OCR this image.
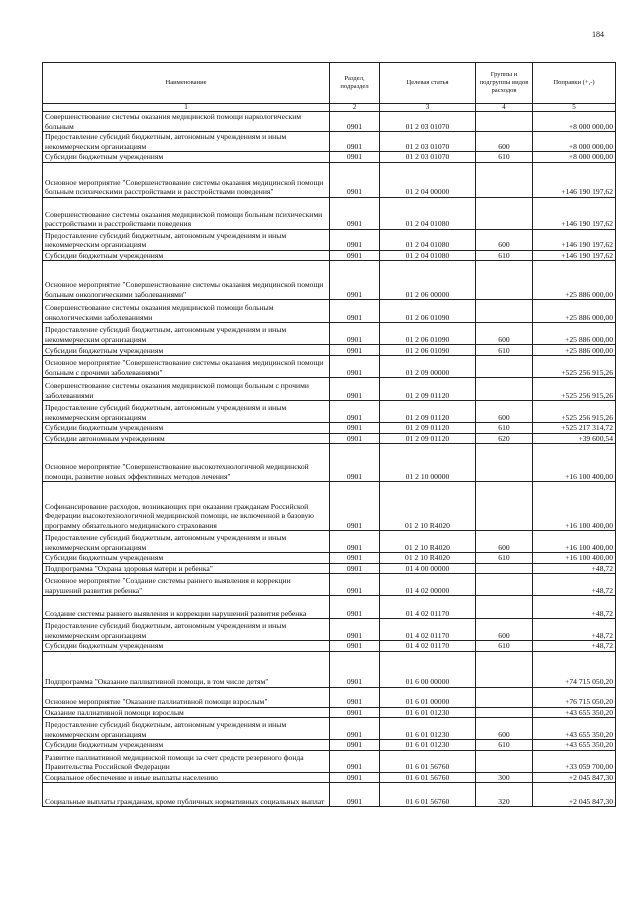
184
Наименование	Раздел, подраздел	Целевая статья	Группы и подгруппы видов расходов	Поправки (+,-)
1	2	3	4	5
Совершенствование системы оказания медицинской помощи наркологическим больным	0901	01 2 03 01070		+8 000 000,00
Предоставление субсидий бюджетным, автономным учреждениям и иным некоммерческим организациям	0901	01 2 03 01070	600	+8 000 000,00
Субсидии бюджетным учреждениям	0901	01 2 03 01070	610	+8 000 000,00
Основное мероприятие "Совершенствование системы оказания медицинской помощи больным психическими расстройствами и расстройствами поведения"	0901	01 2 04 00000		+146 190 197,62
Совершенствование системы оказания медицинской помощи больным психическими расстройствами и расстройствами поведения	0901	01 2 04 01080		+146 190 197,62
Предоставление субсидий бюджетным, автономным учреждениям и иным некоммерческим организациям	0901	01 2 04 01080	600	+146 190 197,62
Субсидии бюджетным учреждениям	0901	01 2 04 01080	610	+146 190 197,62
Основное мероприятие "Совершенствование системы оказания медицинской помощи больным онкологическими заболеваниями"	0901	01 2 06 00000		+25 886 000,00
Совершенствование системы оказания медицинской помощи больным онкологическими заболеваниями	0901	01 2 06 01090		+25 886 000,00
Предоставление субсидий бюджетным, автономным учреждениям и иным некоммерческим организациям	0901	01 2 06 01090	600	+25 886 000,00
Субсидии бюджетным учреждениям	0901	01 2 06 01090	610	+25 886 000,00
Основное мероприятие "Совершенствование системы оказания медицинской помощи больным с прочими заболеваниями"	0901	01 2 09 00000		+525 256 915,26
Совершенствование системы оказания медицинской помощи больным с прочими заболеваниями	0901	01 2 09 01120		+525 256 915,26
Предоставление субсидий бюджетным, автономным учреждениям и иным некоммерческим организациям	0901	01 2 09 01120	600	+525 256 915,26
Субсидии бюджетным учреждениям	0901	01 2 09 01120	610	+525 217 314,72
Субсидии автономным учреждениям	0901	01 2 09 01120	620	+39 600,54
Основное мероприятие "Совершенствование высокотехнологичной медицинской помощи, развитие новых эффективных методов лечения"	0901	01 2 10 00000		+16 100 400,00
Софинансирование расходов, возникающих при оказании гражданам Российской Федерации высокотехнологичной медицинской помощи, не включенной в базовую программу обязательного медицинского страхования	0901	01 2 10 R4020		+16 100 400,00
Предоставление субсидий бюджетным, автономным учреждениям и иным некоммерческим организациям	0901	01 2 10 R4020	600	+16 100 400,00
Субсидии бюджетным учреждениям	0901	01 2 10 R4020	610	+16 100 400,00
Подпрограмма "Охрана здоровья матери и ребенка"	0901	01 4 00 00000		+48,72
Основное мероприятие "Создание системы раннего выявления и коррекции нарушений развития ребенка"	0901	01 4 02 00000		+48,72
Создание системы раннего выявления и коррекции нарушений развития ребенка	0901	01 4 02 01170		+48,72
Предоставление субсидий бюджетным, автономным учреждениям и иным некоммерческим организациям	0901	01 4 02 01170	600	+48,72
Субсидии бюджетным учреждениям	0901	01 4 02 01170	610	+48,72
Подпрограмма "Оказание паллиативной помощи, в том числе детям"	0901	01 6 00 00000		+74 715 050,20
Основное мероприятие "Оказание паллиативной помощи взрослым"	0901	01 6 01 00000		+76 715 050,20
Оказание паллиативной помощи взрослым	0901	01 6 01 01230		+43 655 350,20
Предоставление субсидий бюджетным, автономным учреждениям и иным некоммерческим организациям	0901	01 6 01 01230	600	+43 655 350,20
Субсидии бюджетным учреждениям	0901	01 6 01 01230	610	+43 655 350,20
Развитие паллиативной медицинской помощи за счет средств резервного фонда Правительства Российской Федерации	0901	01 6 01 56760		+33 059 700,00
Социальное обеспечение и иные выплаты населению	0901	01 6 01 56760	300	+2 045 847,30
Социальные выплаты гражданам, кроме публичных нормативных социальных выплат	0901	01 6 01 56760	320	+2 045 847,30
